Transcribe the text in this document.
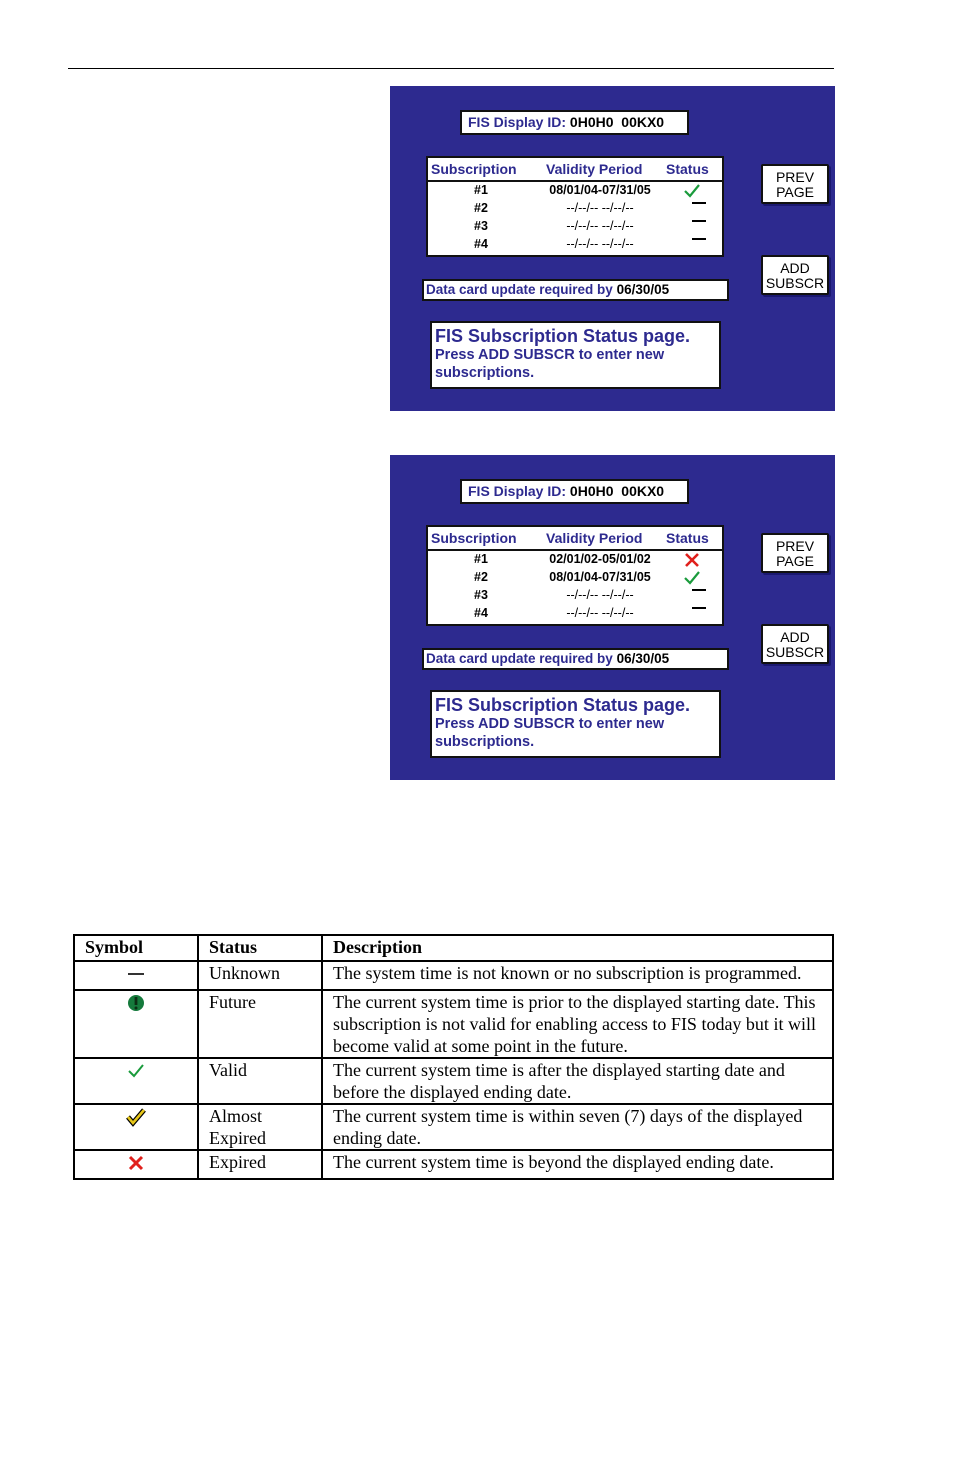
FIS Display ID: 0H0H0  00KX0
Subscription Validity Period Status
#1	08/01/04-07/31/05
#2	--/--/-- --/--/--
#3	--/--/-- --/--/--
#4	--/--/-- --/--/--
PREV
PAGE
ADD
SUBSCR
Data card update required by 06/30/05
FIS Subscription Status page.
Press ADD SUBSCR to enter new
subscriptions.
FIS Display ID: 0H0H0  00KX0
Subscription Validity Period Status
#1	02/01/02-05/01/02
#2	08/01/04-07/31/05
#3	--/--/-- --/--/--
#4	--/--/-- --/--/--
PREV
PAGE
ADD
SUBSCR
Data card update required by 06/30/05
FIS Subscription Status page.
Press ADD SUBSCR to enter new
subscriptions.
Symbol	Status	Description
	Unknown	The system time is not known or no subscription is programmed.
	Future	The current system time is prior to the displayed starting date. This subscription is not valid for enabling access to FIS today but it will become valid at some point in the future.
	Valid	The current system time is after the displayed starting date and before the displayed ending date.
	Almost Expired	The current system time is within seven (7) days of the displayed ending date.
	Expired	The current system time is beyond the displayed ending date.
